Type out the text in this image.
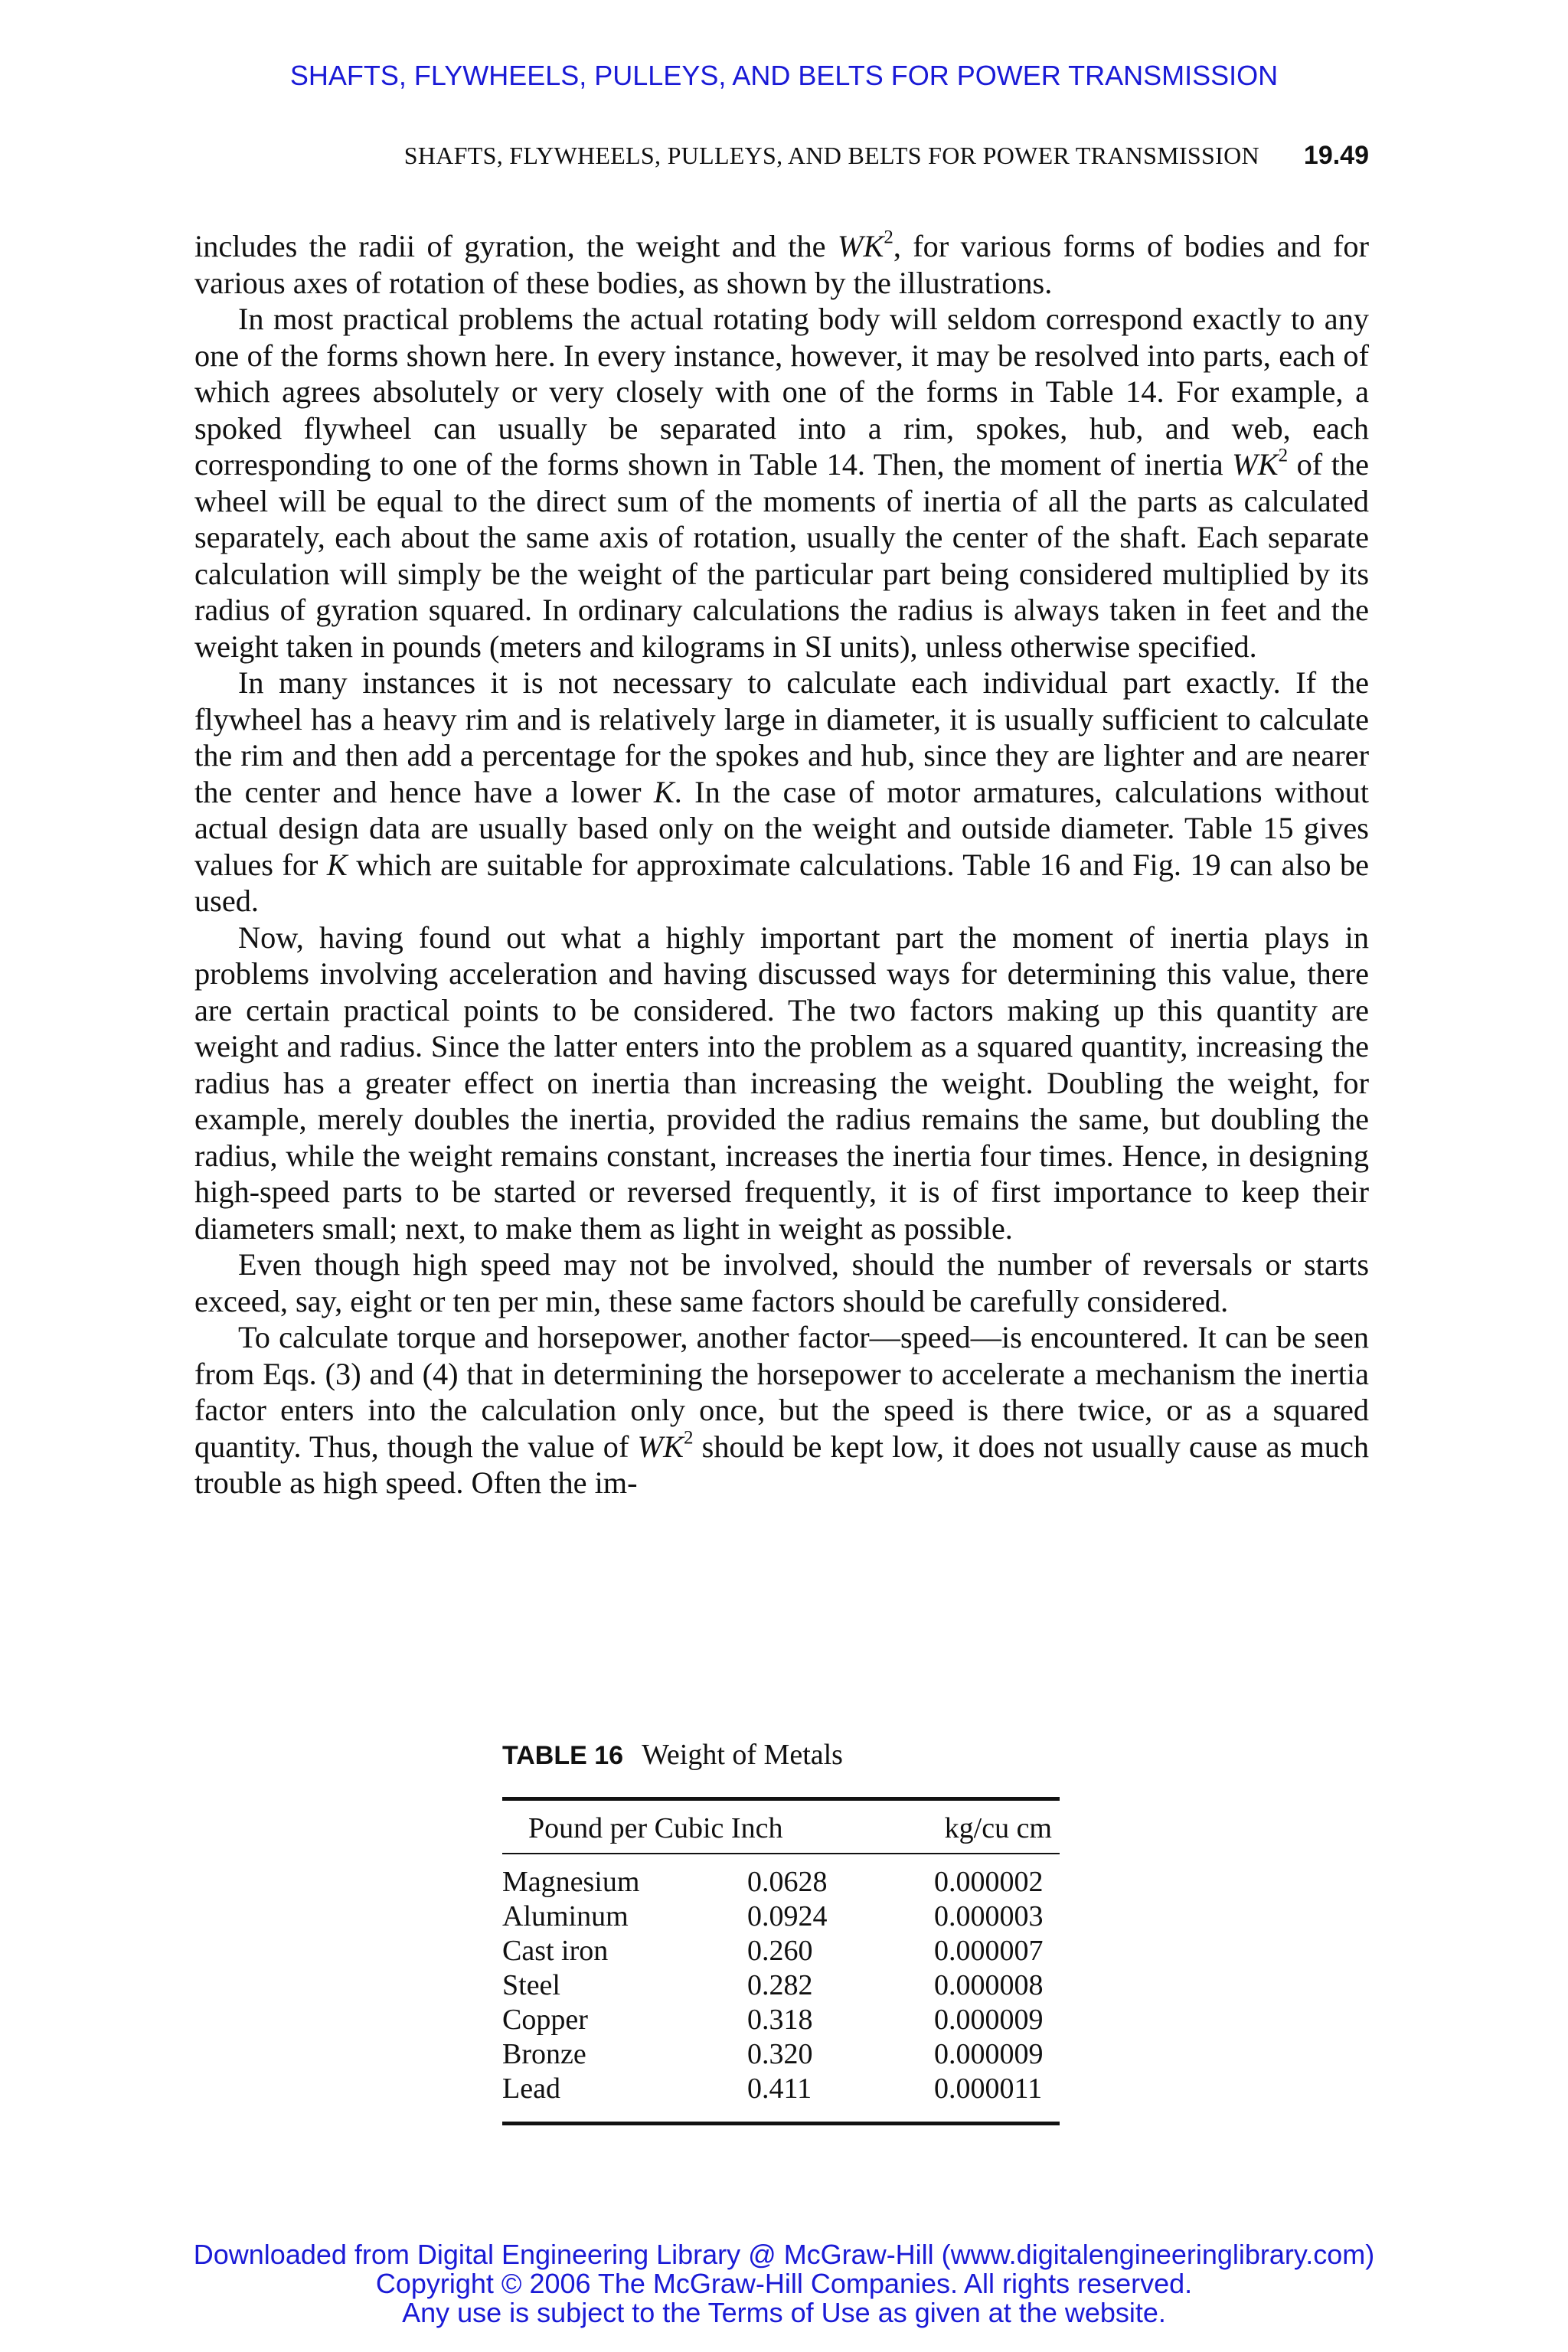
SHAFTS, FLYWHEELS, PULLEYS, AND BELTS FOR POWER TRANSMISSION
SHAFTS, FLYWHEELS, PULLEYS, AND BELTS FOR POWER TRANSMISSION 19.49

includes the radii of gyration, the weight and the $WK^2$, for various forms of bodies and for various axes of rotation of these bodies, as shown by the illustrations.

In most practical problems the actual rotating body will seldom correspond exactly to any one of the forms shown here. In every instance, however, it may be resolved into parts, each of which agrees absolutely or very closely with one of the forms in Table 14. For example, a spoked flywheel can usually be separated into a rim, spokes, hub, and web, each corresponding to one of the forms shown in Table 14. Then, the moment of inertia $WK^2$ of the wheel will be equal to the direct sum of the moments of inertia of all the parts as calculated separately, each about the same axis of rotation, usually the center of the shaft. Each separate calculation will simply be the weight of the particular part being considered multiplied by its radius of gyration squared. In ordinary calculations the radius is always taken in feet and the weight taken in pounds (meters and kilograms in SI units), unless otherwise specified.

In many instances it is not necessary to calculate each individual part exactly. If the flywheel has a heavy rim and is relatively large in diameter, it is usually sufficient to calculate the rim and then add a percentage for the spokes and hub, since they are lighter and are nearer the center and hence have a lower K. In the case of motor armatures, calculations without actual design data are usually based only on the weight and outside diameter. Table 15 gives values for K which are suitable for approximate calculations. Table 16 and Fig. 19 can also be used.

Now, having found out what a highly important part the moment of inertia plays in problems involving acceleration and having discussed ways for determining this value, there are certain practical points to be considered. The two factors making up this quantity are weight and radius. Since the latter enters into the problem as a squared quantity, increasing the radius has a greater effect on inertia than increasing the weight. Doubling the weight, for example, merely doubles the inertia, provided the radius remains the same, but doubling the radius, while the weight remains constant, increases the inertia four times. Hence, in designing high-speed parts to be started or reversed frequently, it is of first importance to keep their diameters small; next, to make them as light in weight as possible.

Even though high speed may not be involved, should the number of reversals or starts exceed, say, eight or ten per min, these same factors should be carefully considered.

To calculate torque and horsepower, another factor—speed—is encountered. It can be seen from Eqs. (3) and (4) that in determining the horsepower to accelerate a mechanism the inertia factor enters into the calculation only once, but the speed is there twice, or as a squared quantity. Thus, though the value of $WK^2$ should be kept low, it does not usually cause as much trouble as high speed. Often the im-

TABLE 16 Weight of Metals
Pound per Cubic Inch		kg/cu cm
Magnesium	0.0628	0.000002
Aluminum	0.0924	0.000003
Cast iron	0.260	0.000007
Steel	0.282	0.000008
Copper	0.318	0.000009
Bronze	0.320	0.000009
Lead	0.411	0.000011
Downloaded from Digital Engineering Library @ McGraw-Hill (www.digitalengineeringlibrary.com)
Copyright © 2006 The McGraw-Hill Companies. All rights reserved.
Any use is subject to the Terms of Use as given at the website.
